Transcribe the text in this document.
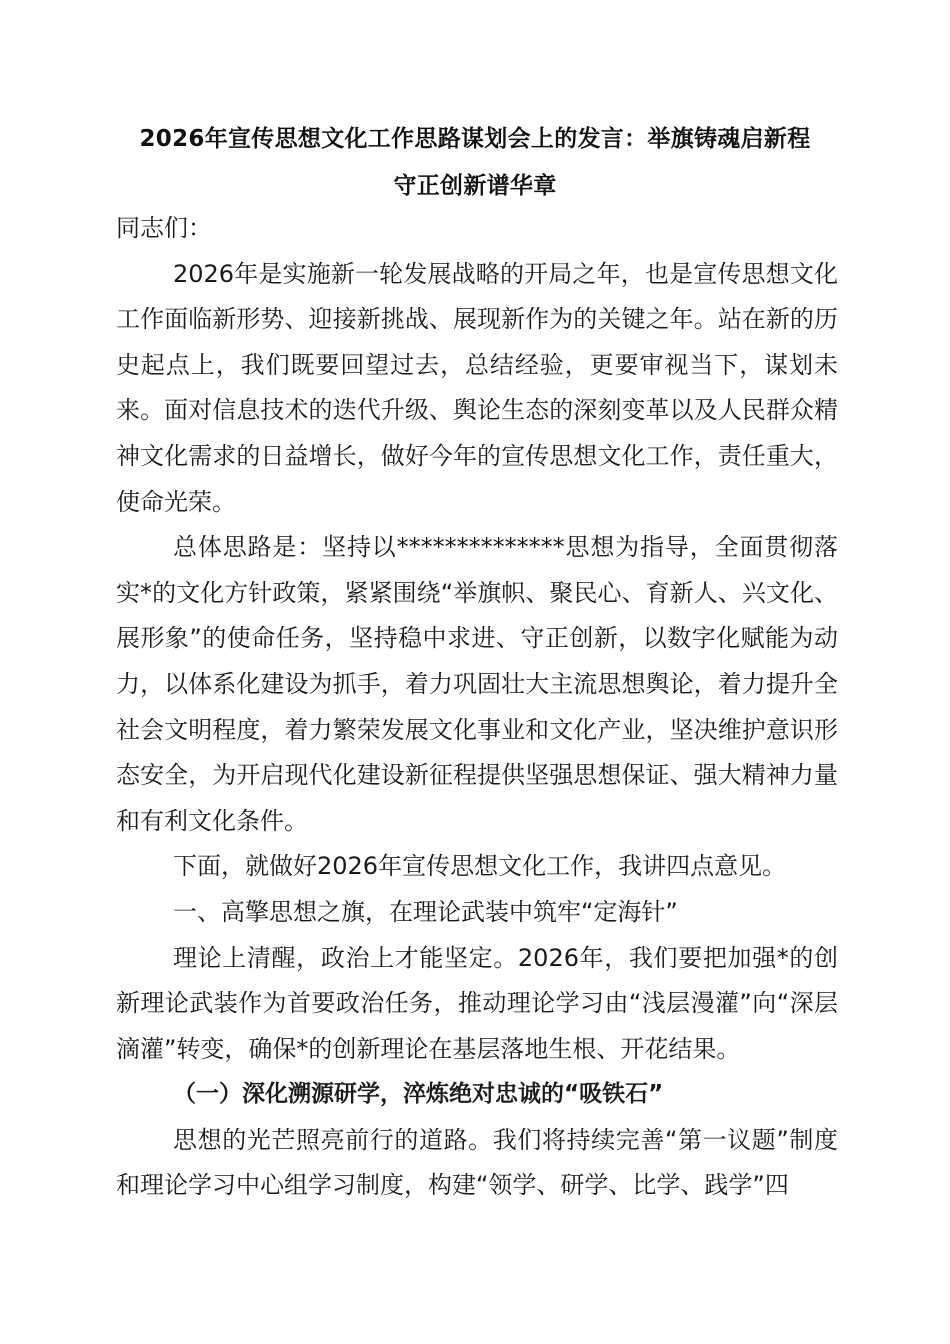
2026年宣传思想文化工作思路谋划会上的发言：举旗铸魂启新程
守正创新谱华章

同志们：

2026年是实施新一轮发展战略的开局之年，也是宣传思想文化工作面临新形势、迎接新挑战、展现新作为的关键之年。站在新的历史起点上，我们既要回望过去，总结经验，更要审视当下，谋划未来。面对信息技术的迭代升级、舆论生态的深刻变革以及人民群众精神文化需求的日益增长，做好今年的宣传思想文化工作，责任重大，使命光荣。

总体思路是：坚持以**************思想为指导，全面贯彻落实*的文化方针政策，紧紧围绕“举旗帜、聚民心、育新人、兴文化、展形象”的使命任务，坚持稳中求进、守正创新，以数字化赋能为动力，以体系化建设为抓手，着力巩固壮大主流思想舆论，着力提升全社会文明程度，着力繁荣发展文化事业和文化产业，坚决维护意识形态安全，为开启现代化建设新征程提供坚强思想保证、强大精神力量和有利文化条件。

下面，就做好2026年宣传思想文化工作，我讲四点意见。

一、高擎思想之旗，在理论武装中筑牢“定海针”

理论上清醒，政治上才能坚定。2026年，我们要把加强*的创新理论武装作为首要政治任务，推动理论学习由“浅层漫灌”向“深层滴灌”转变，确保*的创新理论在基层落地生根、开花结果。

（一）深化溯源研学，淬炼绝对忠诚的“吸铁石”

思想的光芒照亮前行的道路。我们将持续完善“第一议题”制度和理论学习中心组学习制度，构建“领学、研学、比学、践学”四
